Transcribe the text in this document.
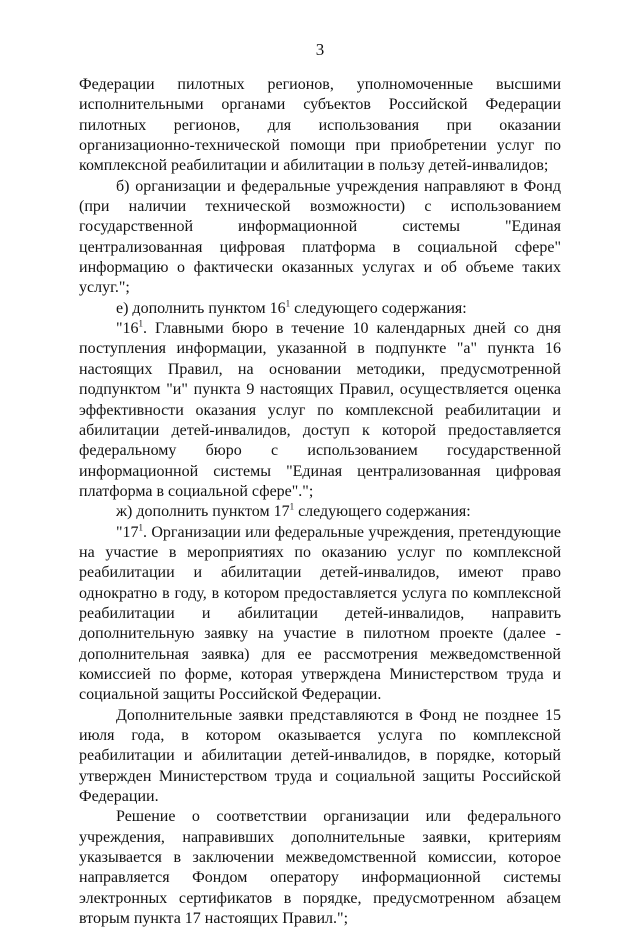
3

Федерации пилотных регионов, уполномоченные высшими исполнительными органами субъектов Российской Федерации пилотных регионов, для использования при оказании организационно-технической помощи при приобретении услуг по комплексной реабилитации и абилитации в пользу детей-инвалидов;

б) организации и федеральные учреждения направляют в Фонд (при наличии технической возможности) с использованием государственной информационной системы "Единая централизованная цифровая платформа в социальной сфере" информацию о фактически оказанных услугах и об объеме таких услуг.";

е) дополнить пунктом $16^1$ следующего содержания:

"$16^1$. Главными бюро в течение 10 календарных дней со дня поступления информации, указанной в подпункте "а" пункта 16 настоящих Правил, на основании методики, предусмотренной подпунктом "и" пункта 9 настоящих Правил, осуществляется оценка эффективности оказания услуг по комплексной реабилитации и абилитации детей-инвалидов, доступ к которой предоставляется федеральному бюро с использованием государственной информационной системы "Единая централизованная цифровая платформа в социальной сфере".";

ж) дополнить пунктом $17^1$ следующего содержания:

"$17^1$. Организации или федеральные учреждения, претендующие на участие в мероприятиях по оказанию услуг по комплексной реабилитации и абилитации детей-инвалидов, имеют право однократно в году, в котором предоставляется услуга по комплексной реабилитации и абилитации детей-инвалидов, направить дополнительную заявку на участие в пилотном проекте (далее - дополнительная заявка) для ее рассмотрения межведомственной комиссией по форме, которая утверждена Министерством труда и социальной защиты Российской Федерации.

Дополнительные заявки представляются в Фонд не позднее 15 июля года, в котором оказывается услуга по комплексной реабилитации и абилитации детей-инвалидов, в порядке, который утвержден Министерством труда и социальной защиты Российской Федерации.

Решение о соответствии организации или федерального учреждения, направивших дополнительные заявки, критериям указывается в заключении межведомственной комиссии, которое направляется Фондом оператору информационной системы электронных сертификатов в порядке, предусмотренном абзацем вторым пункта 17 настоящих Правил.";
